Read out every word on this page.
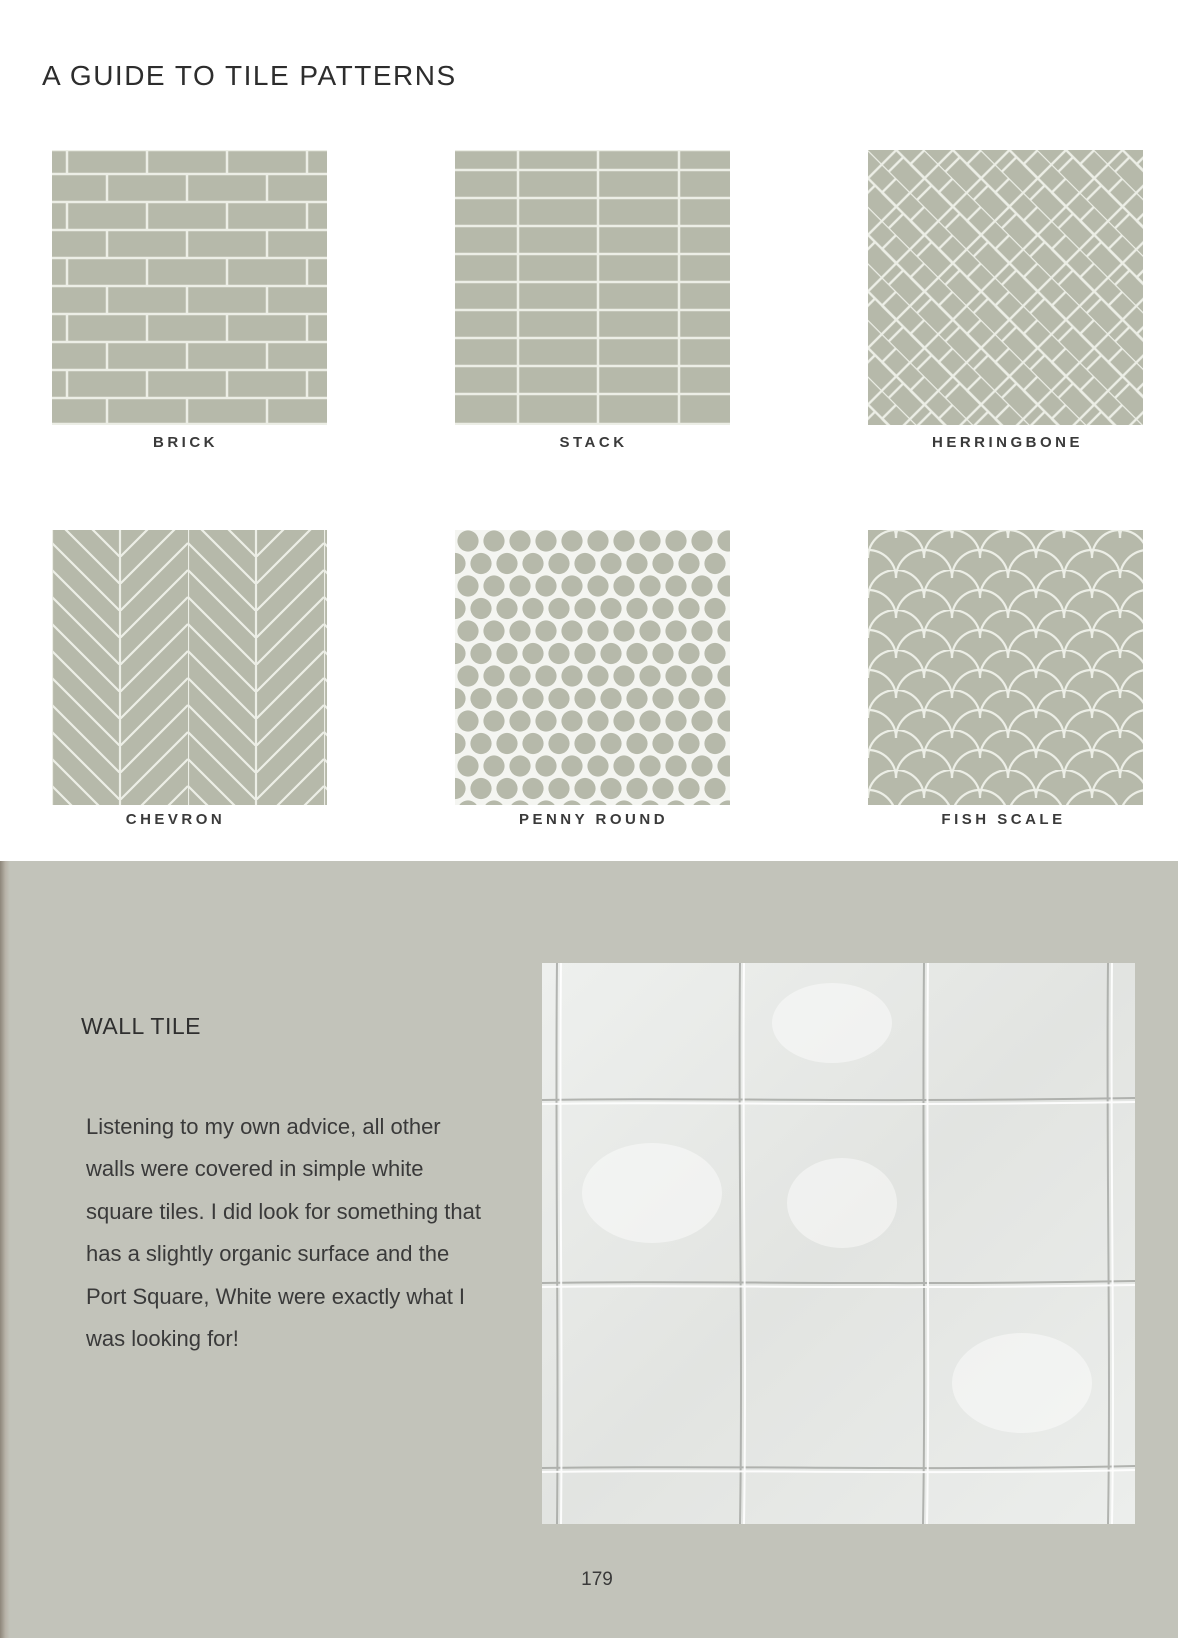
A GUIDE TO TILE PATTERNS
BRICK	STACK	HERRINGBONE
CHEVRON	PENNY ROUND	FISH SCALE
WALL TILE

Listening to my own advice, all other walls were covered in simple white square tiles. I did look for something that has a slightly organic surface and the Port Square, White were exactly what I was looking for!

179
